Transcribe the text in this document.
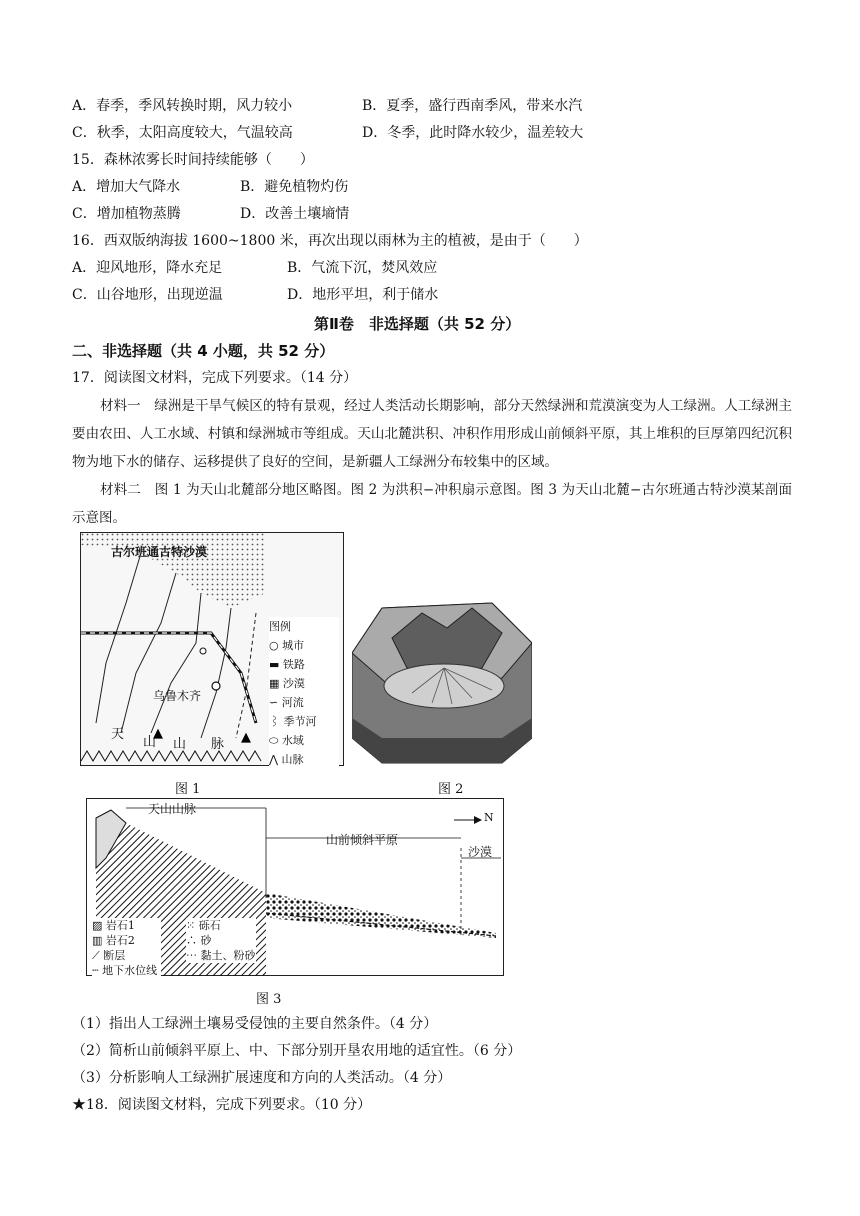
A．春季，季风转换时期，风力较小	B．夏季，盛行西南季风，带来水汽
C．秋季，太阳高度较大，气温较高	D．冬季，此时降水较少，温差较大
15．森林浓雾长时间持续能够（　　）
A．增加大气降水	B．避免植物灼伤
C．增加植物蒸腾	D．改善土壤墒情
16．西双版纳海拔 1600~1800 米，再次出现以雨林为主的植被，是由于（　　）
A．迎风地形，降水充足	B．气流下沉，焚风效应
C．山谷地形，出现逆温	D．地形平坦，利于储水
第Ⅱ卷　非选择题（共 52 分）
二、非选择题（共 4 小题，共 52 分）
17．阅读图文材料，完成下列要求。（14 分）
材料一　绿洲是干旱气候区的特有景观，经过人类活动长期影响，部分天然绿洲和荒漠演变为人工绿洲。人工绿洲主要由农田、人工水域、村镇和绿洲城市等组成。天山北麓洪积、冲积作用形成山前倾斜平原，其上堆积的巨厚第四纪沉积物为地下水的储存、运移提供了良好的空间，是新疆人工绿洲分布较集中的区域。
材料二　图 1 为天山北麓部分地区略图。图 2 为洪积−冲积扇示意图。图 3 为天山北麓−古尔班通古特沙漠某剖面示意图。
▲	▲
古尔班通古特沙漠
乌鲁木齐
天
山 山 脉
图例
○ 城市
▬ 铁路
▦ 沙漠
∽ 河流
⌇ 季节河
⬭ 水域
⋀ 山脉
图 1	图 2
天山山脉
山前倾斜平原
沙漠
N
▨ 岩石1
▥ 岩石2
⟋ 断层
┄ 地下水位线
⁙ 砾石
∴ 砂
⋯ 黏土、粉砂
图 3
（1）指出人工绿洲土壤易受侵蚀的主要自然条件。（4 分）
（2）简析山前倾斜平原上、中、下部分别开垦农用地的适宜性。（6 分）
（3）分析影响人工绿洲扩展速度和方向的人类活动。（4 分）
★18．阅读图文材料，完成下列要求。（10 分）
